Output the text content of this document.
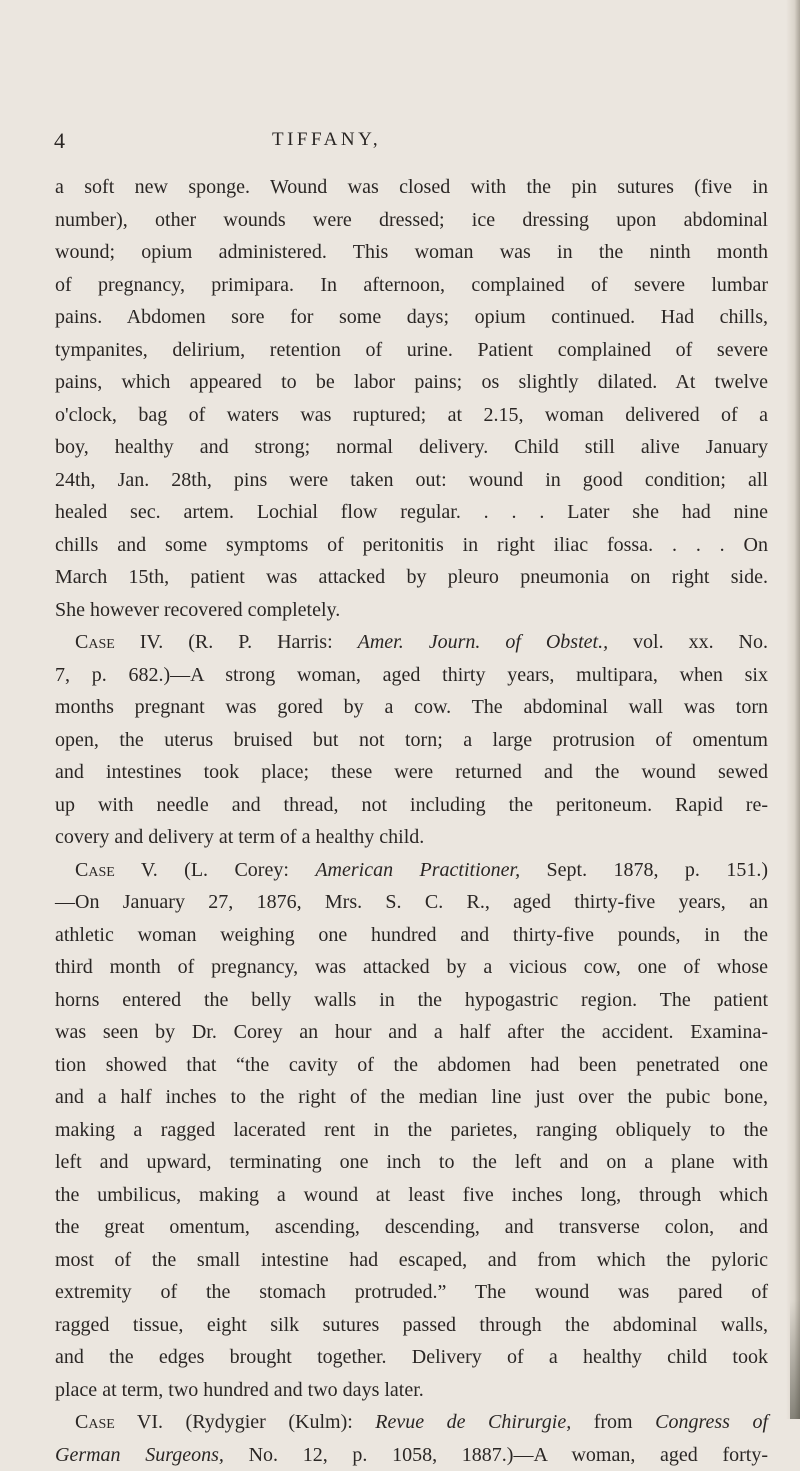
4	TIFFANY,
a soft new sponge. Wound was closed with the pin sutures (five in
number), other wounds were dressed; ice dressing upon abdominal
wound; opium administered. This woman was in the ninth month
of pregnancy, primipara. In afternoon, complained of severe lumbar
pains. Abdomen sore for some days; opium continued. Had chills,
tympanites, delirium, retention of urine. Patient complained of severe
pains, which appeared to be labor pains; os slightly dilated. At twelve
o'clock, bag of waters was ruptured; at 2.15, woman delivered of a
boy, healthy and strong; normal delivery. Child still alive January
24th, Jan. 28th, pins were taken out: wound in good condition; all
healed sec. artem. Lochial flow regular. . . . Later she had nine
chills and some symptoms of peritonitis in right iliac fossa. . . . On
March 15th, patient was attacked by pleuro pneumonia on right side.
She however recovered completely.
Case IV. (R. P. Harris: Amer. Journ. of Obstet., vol. xx. No.
7, p. 682.)—A strong woman, aged thirty years, multipara, when six
months pregnant was gored by a cow. The abdominal wall was torn
open, the uterus bruised but not torn; a large protrusion of omentum
and intestines took place; these were returned and the wound sewed
up with needle and thread, not including the peritoneum. Rapid re-
covery and delivery at term of a healthy child.
Case V. (L. Corey: American Practitioner, Sept. 1878, p. 151.)
—On January 27, 1876, Mrs. S. C. R., aged thirty-five years, an
athletic woman weighing one hundred and thirty-five pounds, in the
third month of pregnancy, was attacked by a vicious cow, one of whose
horns entered the belly walls in the hypogastric region. The patient
was seen by Dr. Corey an hour and a half after the accident. Examina-
tion showed that “the cavity of the abdomen had been penetrated one
and a half inches to the right of the median line just over the pubic bone,
making a ragged lacerated rent in the parietes, ranging obliquely to the
left and upward, terminating one inch to the left and on a plane with
the umbilicus, making a wound at least five inches long, through which
the great omentum, ascending, descending, and transverse colon, and
most of the small intestine had escaped, and from which the pyloric
extremity of the stomach protruded.” The wound was pared of
ragged tissue, eight silk sutures passed through the abdominal walls,
and the edges brought together. Delivery of a healthy child took
place at term, two hundred and two days later.
Case VI. (Rydygier (Kulm): Revue de Chirurgie, from Congress of
German Surgeons, No. 12, p. 1058, 1887.)—A woman, aged forty-
